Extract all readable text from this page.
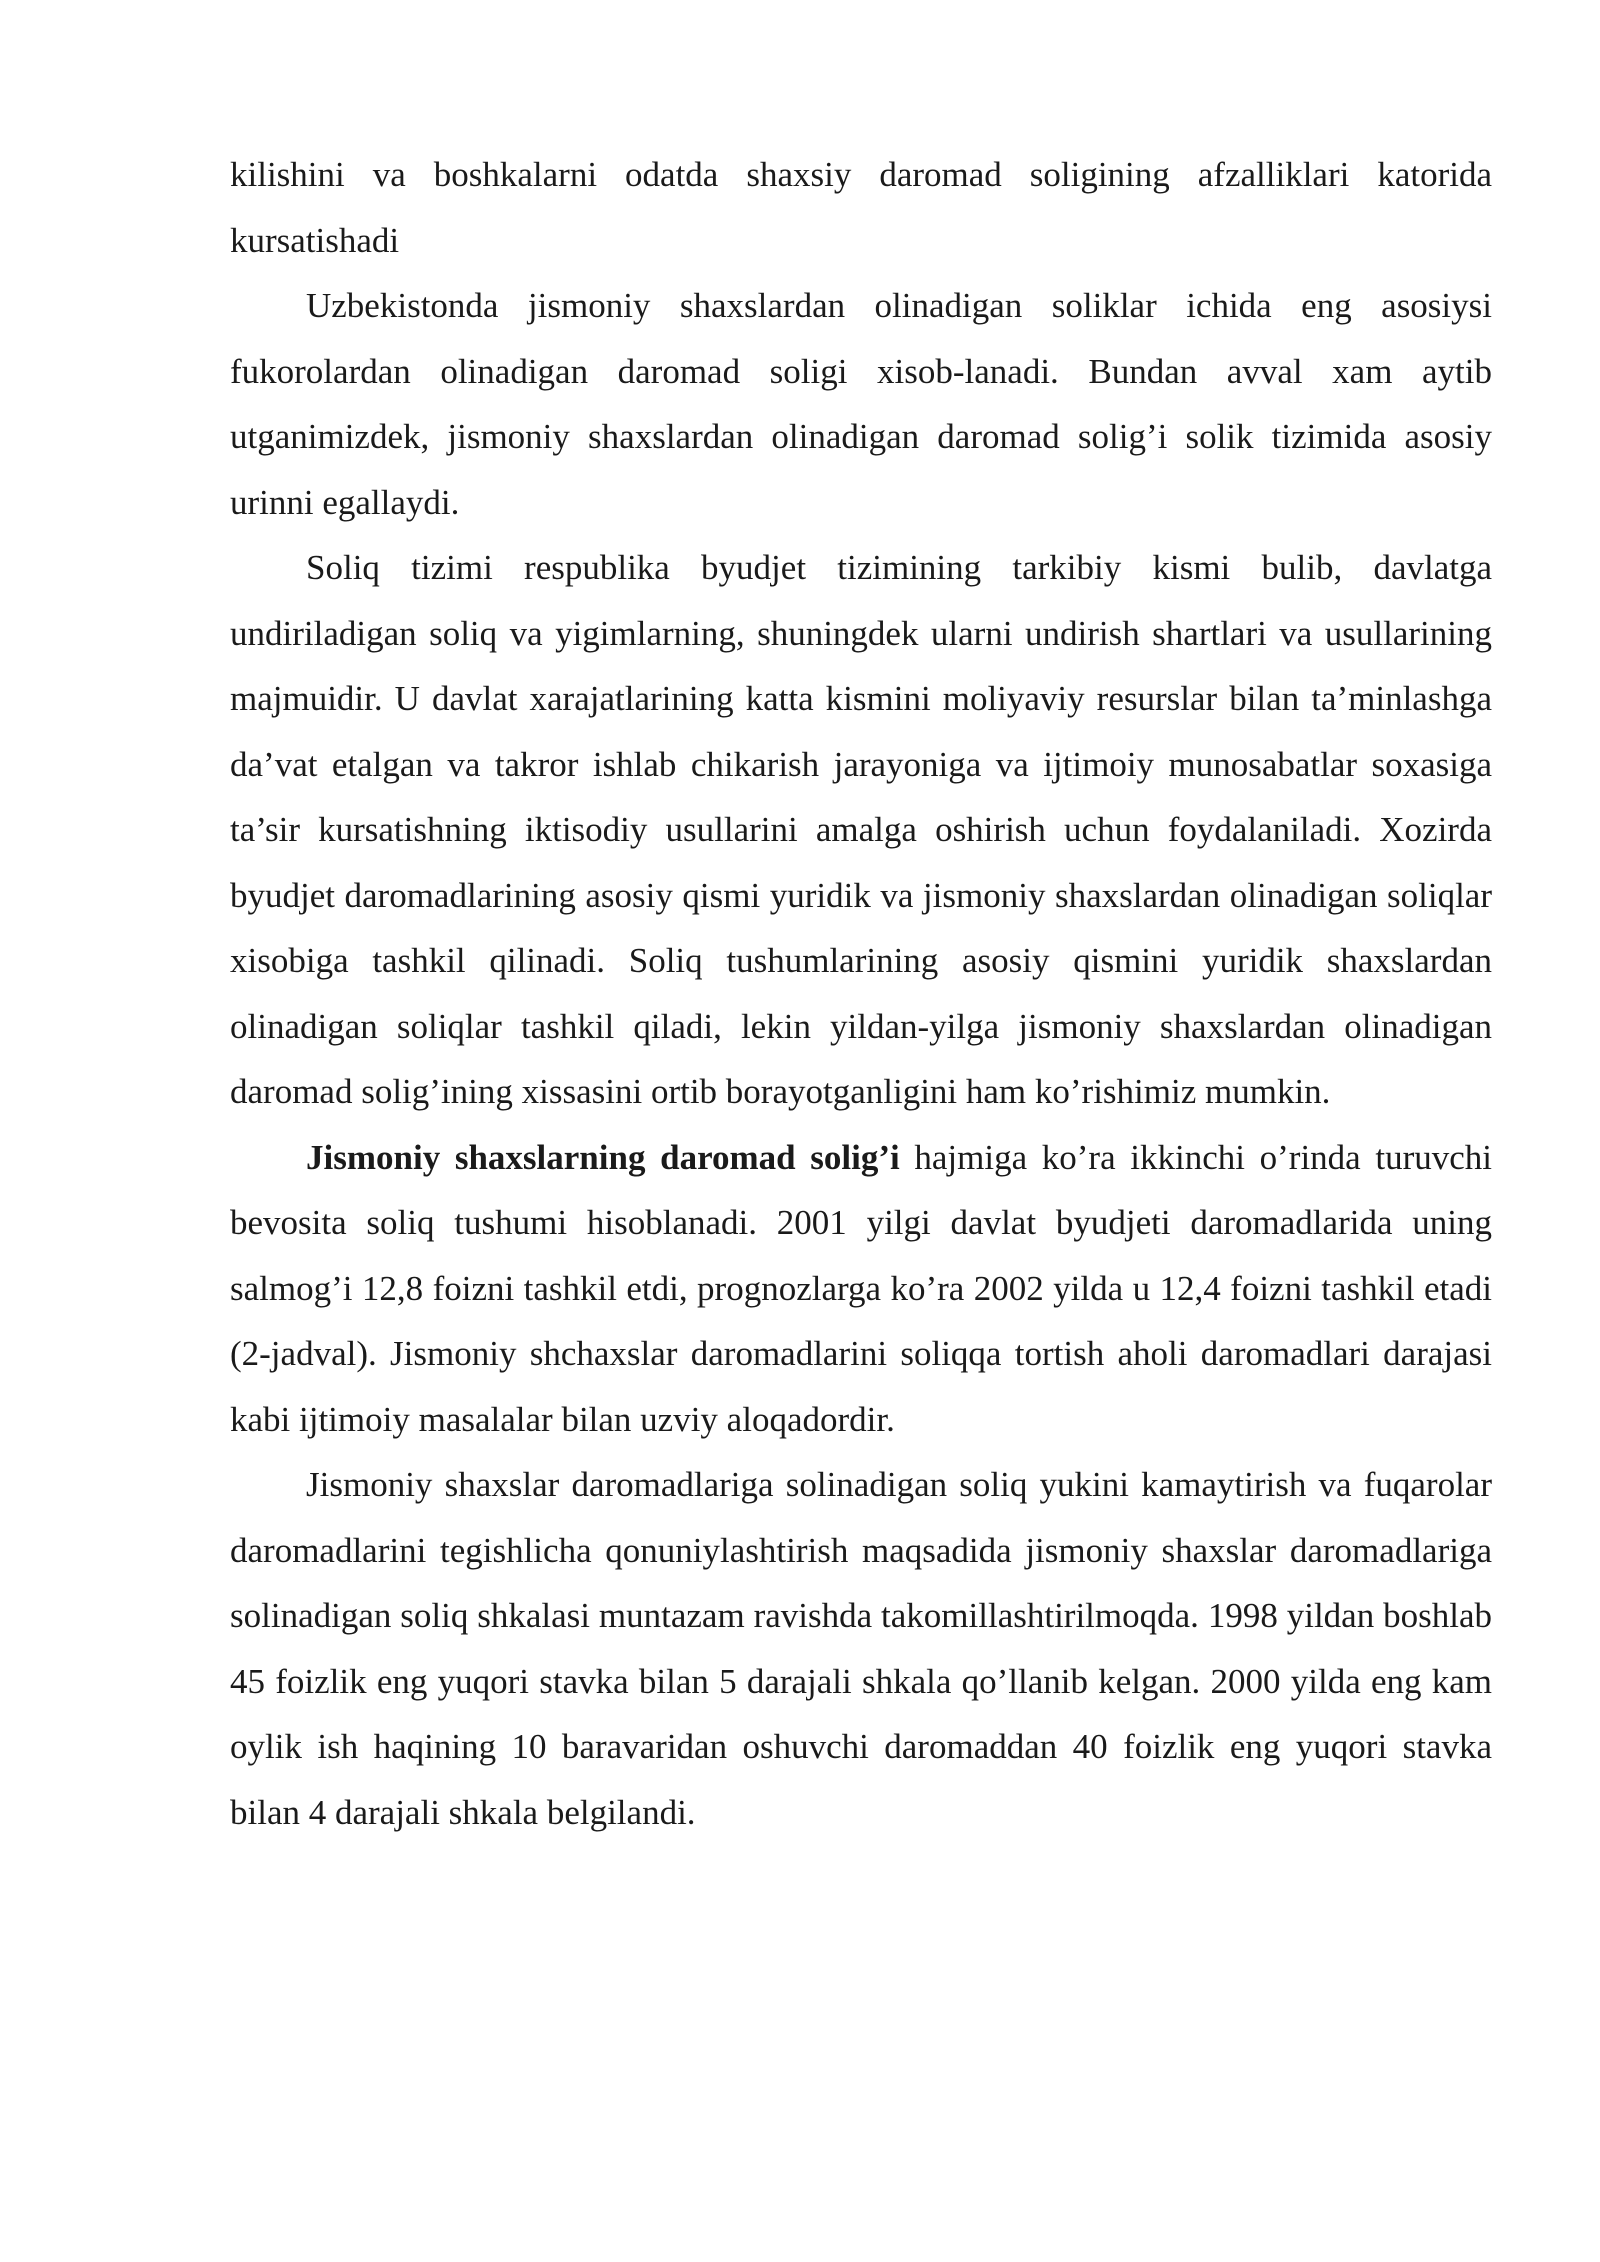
kilishini va boshkalarni odatda shaxsiy daromad soligining afzalliklari katorida kursatishadi

Uzbekistonda jismoniy shaxslardan olinadigan soliklar ichida eng asosiysi fukorolardan olinadigan daromad soligi xisob-lanadi. Bundan avval xam aytib utganimizdek, jismoniy shaxslardan olinadigan daromad solig’i solik tizimida asosiy urinni egallaydi.

Soliq tizimi respublika byudjet tizimining tarkibiy kismi bulib, davlatga undiriladigan soliq va yigimlarning, shuningdek ularni undirish shartlari va usullarining majmuidir. U davlat xarajatlarining katta kismini moliyaviy resurslar bilan ta’minlashga da’vat etalgan va takror ishlab chikarish jarayoniga va ijtimoiy munosabatlar soxasiga ta’sir kursatishning iktisodiy usullarini amalga oshirish uchun foydalaniladi. Xozirda byudjet daromadlarining asosiy qismi yuridik va jismoniy shaxslardan olinadigan soliqlar xisobiga tashkil qilinadi. Soliq tushumlarining asosiy qismini yuridik shaxslardan olinadigan soliqlar tashkil qiladi, lekin yildan-yilga jismoniy shaxslardan olinadigan daromad solig’ining xissasini ortib borayotganligini ham ko’rishimiz mumkin.

Jismoniy shaxslarning daromad solig’i hajmiga ko’ra ikkinchi o’rinda turuvchi bevosita soliq tushumi hisoblanadi. 2001 yilgi davlat byudjeti daromadlarida uning salmog’i 12,8 foizni tashkil etdi, prognozlarga ko’ra 2002 yilda u 12,4 foizni tashkil etadi (2-jadval). Jismoniy shchaxslar daromadlarini soliqqa tortish aholi daromadlari darajasi kabi ijtimoiy masalalar bilan uzviy aloqadordir.

Jismoniy shaxslar daromadlariga solinadigan soliq yukini kamaytirish va fuqarolar daromadlarini tegishlicha qonuniylashtirish maqsadida jismoniy shaxslar daromadlariga solinadigan soliq shkalasi muntazam ravishda takomillashtirilmoqda. 1998 yildan boshlab 45 foizlik eng yuqori stavka bilan 5 darajali shkala qo’llanib kelgan. 2000 yilda eng kam oylik ish haqining 10 baravaridan oshuvchi daromaddan 40 foizlik eng yuqori stavka bilan 4 darajali shkala belgilandi.
